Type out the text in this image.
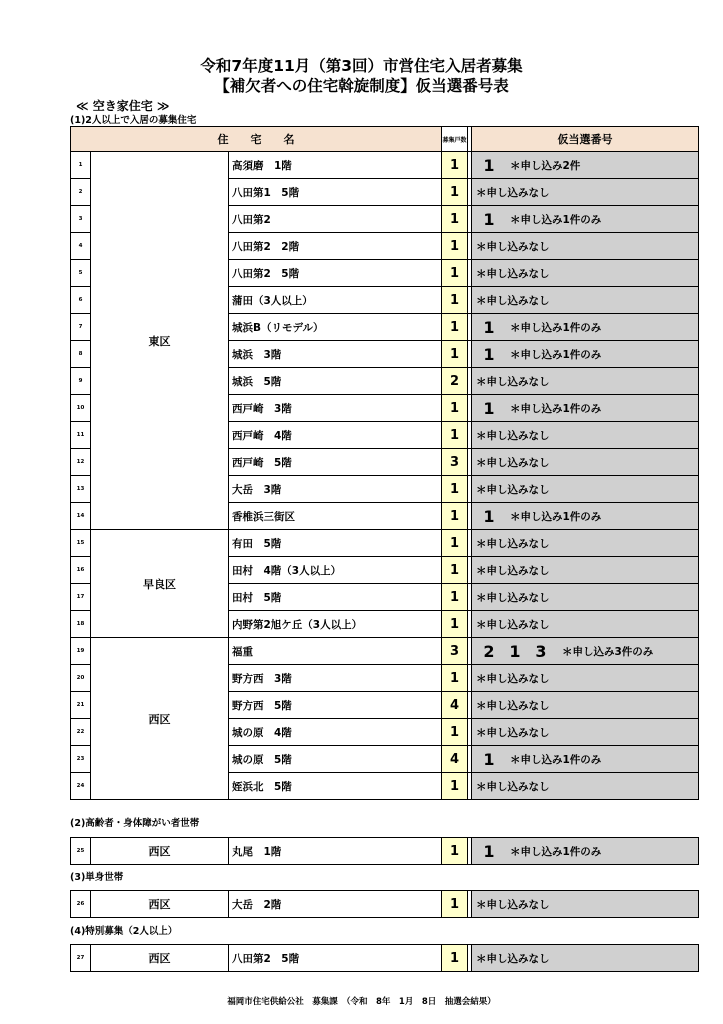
令和7年度11月（第3回）市営住宅入居者募集
【補欠者への住宅斡旋制度】仮当選番号表
≪ 空き家住宅 ≫
(1)2人以上で入居の募集住宅
住　　宅　　名			募集戸数		仮当選番号
1	東区	高須磨　1階	1		1 ＊申し込み2件
2		八田第1　5階	1		＊申し込みなし
3		八田第2	1		1 ＊申し込み1件のみ
4		八田第2　2階	1		＊申し込みなし
5		八田第2　5階	1		＊申し込みなし
6		蒲田（3人以上）	1		＊申し込みなし
7		城浜B（リモデル）	1		1 ＊申し込み1件のみ
8		城浜　3階	1		1 ＊申し込み1件のみ
9		城浜　5階	2		＊申し込みなし
10		西戸崎　3階	1		1 ＊申し込み1件のみ
11		西戸崎　4階	1		＊申し込みなし
12		西戸崎　5階	3		＊申し込みなし
13		大岳　3階	1		＊申し込みなし
14		香椎浜三街区	1		1 ＊申し込み1件のみ
15	早良区	有田　5階	1		＊申し込みなし
16		田村　4階（3人以上）	1		＊申し込みなし
17		田村　5階	1		＊申し込みなし
18		内野第2旭ケ丘（3人以上）	1		＊申し込みなし
19	西区	福重	3		2 1 3 ＊申し込み3件のみ
20		野方西　3階	1		＊申し込みなし
21		野方西　5階	4		＊申し込みなし
22		城の原　4階	1		＊申し込みなし
23		城の原　5階	4		1 ＊申し込み1件のみ
24		姪浜北　5階	1		＊申し込みなし
(2)高齢者・身体障がい者世帯
25	西区	丸尾　1階	1		1 ＊申し込み1件のみ
(3)単身世帯
26	西区	大岳　2階	1		＊申し込みなし
(4)特別募集（2人以上）
27	西区	八田第2　5階	1		＊申し込みなし
福岡市住宅供給公社　募集課　（令和　8年　1月　8日　抽選会結果）
